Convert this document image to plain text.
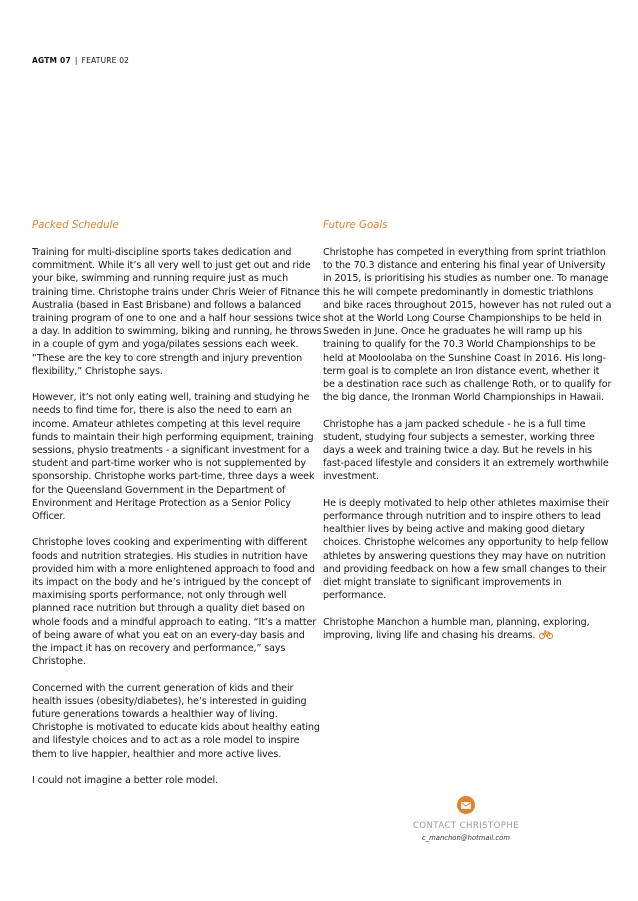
AGTM 07 | FEATURE 02
Packed Schedule

Training for multi-discipline sports takes dedication and commitment. While it’s all very well to just get out and ride your bike, swimming and running require just as much training time. Christophe trains under Chris Weier of Fitnance Australia (based in East Brisbane) and follows a balanced training program of one to one and a half hour sessions twice a day. In addition to swimming, biking and running, he throws in a couple of gym and yoga/pilates sessions each week. “These are the key to core strength and injury prevention flexibility,” Christophe says.

However, it’s not only eating well, training and studying he needs to find time for, there is also the need to earn an income. Amateur athletes competing at this level require funds to maintain their high performing equipment, training sessions, physio treatments - a significant investment for a student and part-time worker who is not supplemented by sponsorship. Christophe works part-time, three days a week for the Queensland Government in the Department of Environment and Heritage Protection as a Senior Policy Officer.

Christophe loves cooking and experimenting with different foods and nutrition strategies. His studies in nutrition have provided him with a more enlightened approach to food and its impact on the body and he’s intrigued by the concept of maximising sports performance, not only through well planned race nutrition but through a quality diet based on whole foods and a mindful approach to eating. “It’s a matter of being aware of what you eat on an every-day basis and the impact it has on recovery and performance,” says Christophe.

Concerned with the current generation of kids and their health issues (obesity/diabetes), he’s interested in guiding future generations towards a healthier way of living. Christophe is motivated to educate kids about healthy eating and lifestyle choices and to act as a role model to inspire them to live happier, healthier and more active lives.

I could not imagine a better role model.

Future Goals

Christophe has competed in everything from sprint triathlon to the 70.3 distance and entering his final year of University in 2015, is prioritising his studies as number one. To manage this he will compete predominantly in domestic triathlons and bike races throughout 2015, however has not ruled out a shot at the World Long Course Championships to be held in Sweden in June. Once he graduates he will ramp up his training to qualify for the 70.3 World Championships to be held at Mooloolaba on the Sunshine Coast in 2016. His long-term goal is to complete an Iron distance event, whether it be a destination race such as challenge Roth, or to qualify for the big dance, the Ironman World Championships in Hawaii.

Christophe has a jam packed schedule - he is a full time student, studying four subjects a semester, working three days a week and training twice a day. But he revels in his fast-paced lifestyle and considers it an extremely worthwhile investment.

He is deeply motivated to help other athletes maximise their performance through nutrition and to inspire others to lead healthier lives by being active and making good dietary choices. Christophe welcomes any opportunity to help fellow athletes by answering questions they may have on nutrition and providing feedback on how a few small changes to their diet might translate to significant improvements in performance.

Christophe Manchon a humble man, planning, exploring, improving, living life and chasing his dreams.

CONTACT CHRISTOPHE
c_manchon@hotmail.com
